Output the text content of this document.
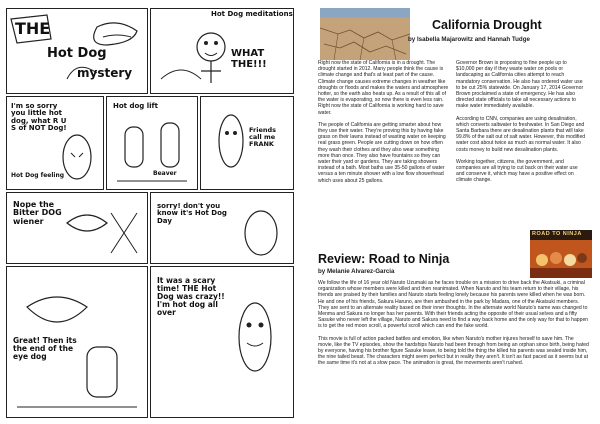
THE
Hot Dog
mystery
Hot Dog meditations
WHAT THE!!!
I'm so sorry you little hot dog, what R U S of NOT Dog!
Hot Dog feeling
Hot dog lift
Beaver
Friends call me FRANK
Nope the Bitter DOG wiener
sorry! don't you know it's Hot Dog Day
Great! Then its the end of the eye dog
It was a scary time! THE Hot Dog was crazy!! I'm hot dog all over
California Drought
by Isabella Majarowitz and Hannah Tudge

Right now the state of California is in a drought. The drought started in 2012. Many people think the cause is climate change and that's at least part of the cause. Climate change causes extreme changes in weather like droughts or floods and makes the waters and atmosphere hotter, so the earth also heats up. As a result of this all of the water is evaporating, so now there is even less rain. Right now the state of California is working hard to save water.

The people of California are getting smarter about how they use their water. They're proving this by having fake grass on their lawns instead of wasting water on keeping real grass green. People are cutting down on how often they wash their clothes and they also wear something more than once. They also have fountains so they can water their yard or gardens. They are taking showers instead of a bath. Most baths use 35-50 gallons of water versus a ten minute shower with a low flow showerhead which uses about 25 gallons.

Governor Brown is proposing to fine people up to $10,000 per day if they waste water on pools or landscaping as California cities attempt to reach mandatory conservation. He also has ordered water use to be cut 25% statewide. On January 17, 2014 Governor Brown proclaimed a state of emergency. He has also directed state officials to take all necessary actions to make water immediately available.

According to CNN, companies are using desalination, which converts saltwater to freshwater. In San Diego and Santa Barbara there are desalination plants that will take 99.8% of the salt out of salt water. However, this modified water cost about twice as much as normal water. It also costs money to build new desalination plants.

Working together, citizens, the government, and companies are all trying to cut back on their water use and conserve it, which may have a positive effect on climate change.

ROAD TO NINJA
Review: Road to Ninja
by Melanie Alvarez-Garcia

We follow the life of 16 year old Naruto Uzumaki as he faces trouble on a mission to drive back the Akatsuki, a criminal organization whose members were killed and then reanimated. When Naruto and his team return to their village, his friends are praised by their families and Naruto starts feeling lonely because his parents were killed when he was born. He and one of his friends, Sakura Haruno, are then ambushed in the park by Madara, one of the Akatsuki members. They are sent to an alternate reality based on their inner thoughts. In the alternate world Naruto's name was changed to Menma and Sakura no longer has her parents. With their friends acting the opposite of their usual selves and a fifty Sasuke who never left the village, Naruto and Sakura need to find a way back home and the only way for that to happen is to get the red moon scroll, a powerful scroll which can end the fake world.

This movie is full of action packed battles and emotion, like when Naruto's mother injures herself to save him. The movie, like the TV episodes, show the hardships Naruto had been through from being an orphan since birth, being hated by everyone, having his brother figure Sasuke leave, to being told the thing the killed his parents was sealed inside him, the nine tailed beast. The characters might seem perfect but in reality they aren't. It isn't as fast paced as it seems but at the same time it's not at a slow pace. The animation is great, the movements aren't rushed.
